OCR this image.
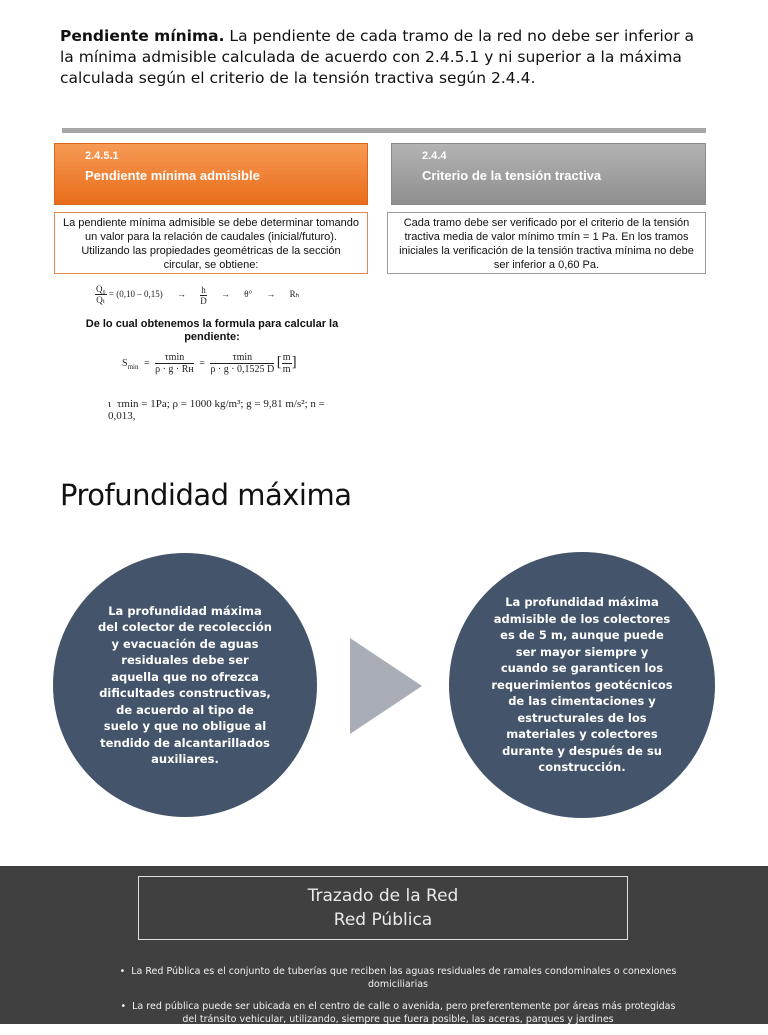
Pendiente mínima. La pendiente de cada tramo de la red no debe ser inferior a la mínima admisible calculada de acuerdo con 2.4.5.1 y ni superior a la máxima calculada según el criterio de la tensión tractiva según 2.4.4.
2.4.5.1
Pendiente mínima admisible
2.4.4
Criterio de la tensión tractiva
La pendiente mínima admisible se debe determinar tomando un valor para la relación de caudales (inicial/futuro). Utilizando las propiedades geométricas de la sección circular, se obtiene:
Cada tramo debe ser verificado por el criterio de la tensión tractiva media de valor mínimo τmín = 1 Pa. En los tramos iniciales la verificación de la tensión tractiva mínima no debe ser inferior a 0,60 Pa.
$\frac{\text{Q₀}}{\text{Qₜ}} = (0,10 - 0,15) \to \frac{h}{D} \to \theta^\circ \to R_h$
De lo cual obtenemos la formula para calcular la pendiente:
$S_{min} = \frac{\tau\min}{\text{ρ · g · Rʜ}} = \frac{\tau\min}{\rho \cdot g \cdot 0,1525 D}$ [ $\frac{m}{m}$ ]
ι τmin = 1Pa; ρ = 1000 kg/m³; g = 9,81 m/s²; n = 0,013,
Profundidad máxima
La profundidad máxima del colector de recolección y evacuación de aguas residuales debe ser aquella que no ofrezca dificultades constructivas, de acuerdo al tipo de suelo y que no obligue al tendido de alcantarillados auxiliares.
La profundidad máxima admisible de los colectores es de 5 m, aunque puede ser mayor siempre y cuando se garanticen los requerimientos geotécnicos de las cimentaciones y estructurales de los materiales y colectores durante y después de su construcción.
Trazado de la Red
Red Pública
• La Red Pública es el conjunto de tuberías que reciben las aguas residuales de ramales condominales o conexiones domiciliarias
• La red pública puede ser ubicada en el centro de calle o avenida, pero preferentemente por áreas más protegidas del tránsito vehicular, utilizando, siempre que fuera posible, las aceras, parques y jardines
